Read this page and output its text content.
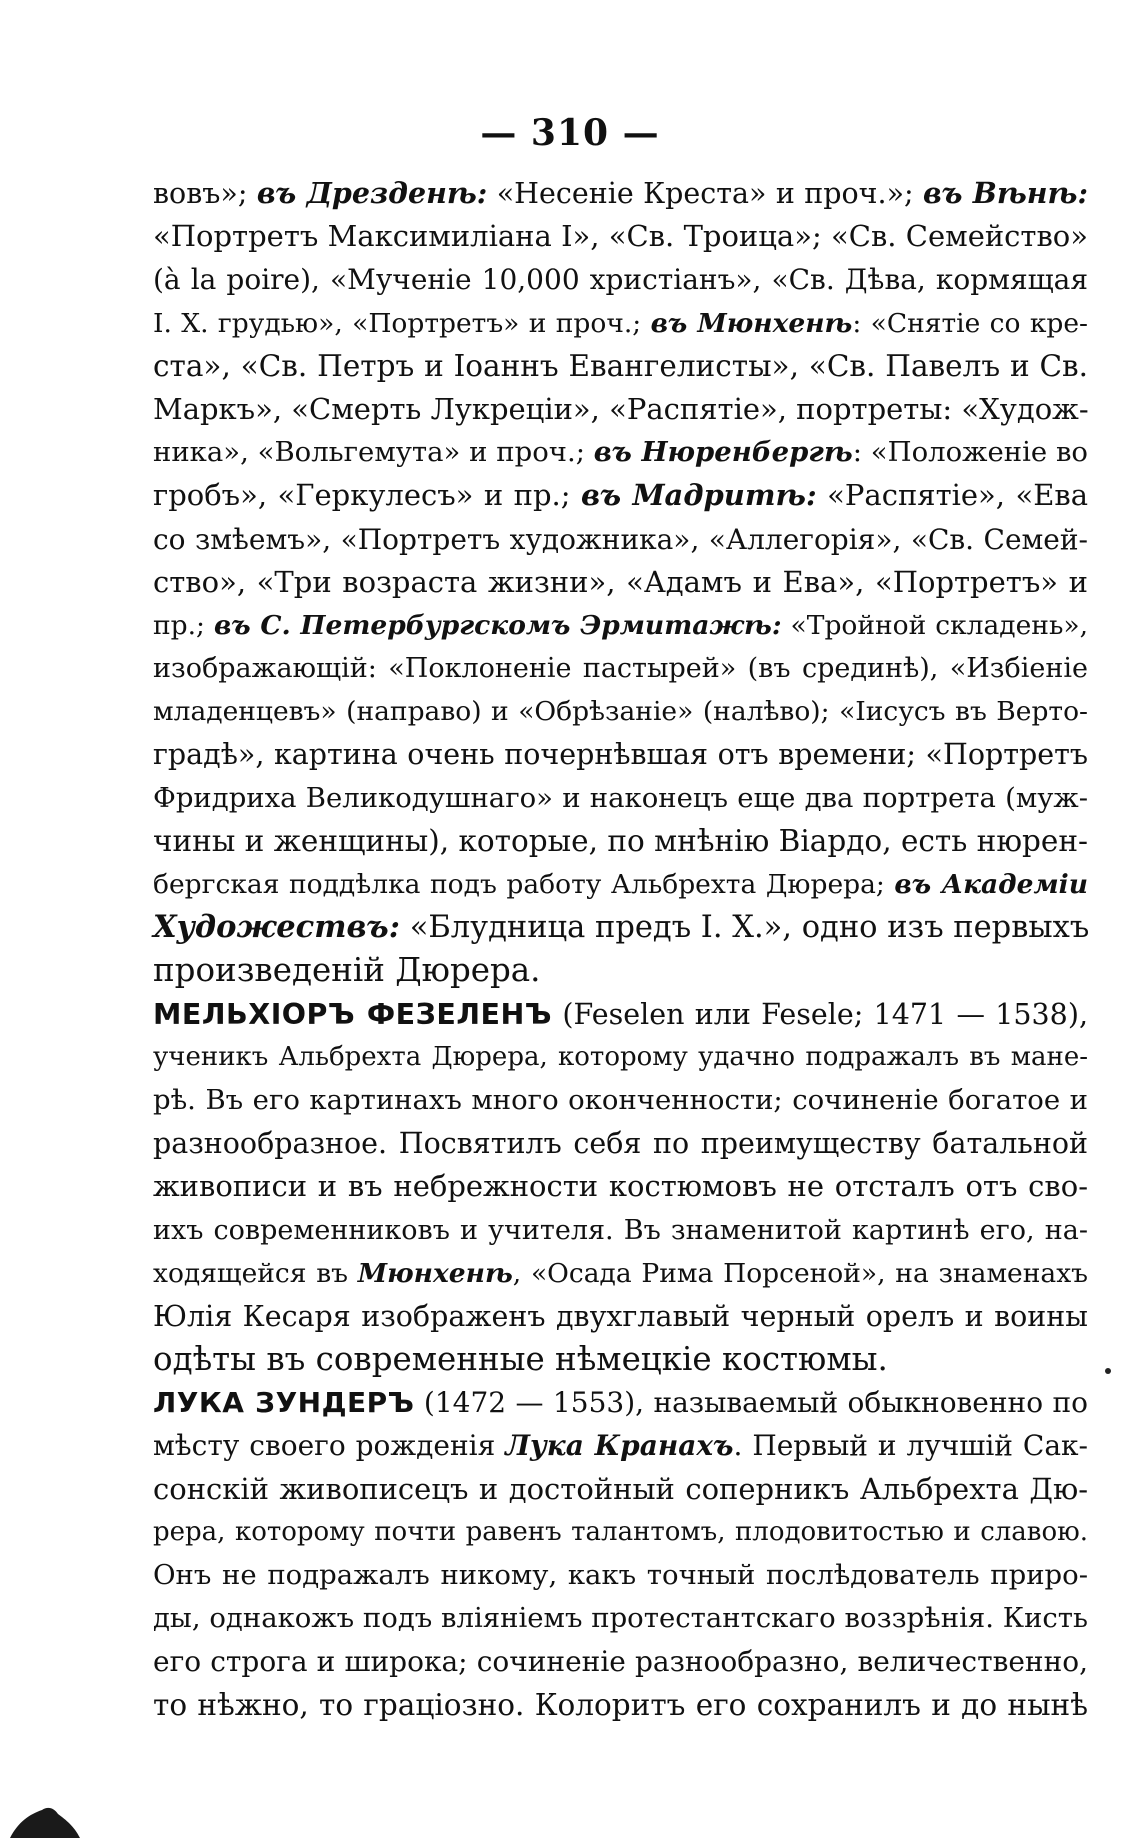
— 310 —
вовъ»; въ Дрезденѣ: «Несеніе Креста» и проч.»; въ Вѣнѣ:
«Портретъ Максимиліана I», «Св. Троица»; «Св. Семейство»
(à la poire), «Мученіе 10,000 христіанъ», «Св. Дѣва, кормящая
I. X. грудью», «Портретъ» и проч.; въ Мюнхенѣ: «Снятіе со кре-
ста», «Св. Петръ и Іоаннъ Евангелисты», «Св. Павелъ и Св.
Маркъ», «Смерть Лукреціи», «Распятіе», портреты: «Худож-
ника», «Вольгемута» и проч.; въ Нюренбергѣ: «Положеніе во
гробъ», «Геркулесъ» и пр.; въ Мадритѣ: «Распятіе», «Ева
со змѣемъ», «Портретъ художника», «Аллегорія», «Св. Семей-
ство», «Три возраста жизни», «Адамъ и Ева», «Портретъ» и
пр.; въ С. Петербургскомъ Эрмитажѣ: «Тройной складень»,
изображающій: «Поклоненіе пастырей» (въ срединѣ), «Избіеніе
младенцевъ» (направо) и «Обрѣзаніе» (налѣво); «Іисусъ въ Верто-
градѣ», картина очень почернѣвшая отъ времени; «Портретъ
Фридриха Великодушнаго» и наконецъ еще два портрета (муж-
чины и женщины), которые, по мнѣнію Віардо, есть нюрен-
бергская поддѣлка подъ работу Альбрехта Дюрера; въ Академіи
Художествъ: «Блудница предъ I. X.», одно изъ первыхъ
произведеній Дюрера.
МЕЛЬХІОРЪ ФЕЗЕЛЕНЪ (Feselen или Fesele; 1471 — 1538),
ученикъ Альбрехта Дюрера, которому удачно подражалъ въ мане-
рѣ. Въ его картинахъ много оконченности; сочиненіе богатое и
разнообразное. Посвятилъ себя по преимуществу батальной
живописи и въ небрежности костюмовъ не отсталъ отъ сво-
ихъ современниковъ и учителя. Въ знаменитой картинѣ его, на-
ходящейся въ Мюнхенѣ, «Осада Рима Порсеной», на знаменахъ
Юлія Кесаря изображенъ двухглавый черный орелъ и воины
одѣты въ современные нѣмецкіе костюмы.
ЛУКА ЗУНДЕРЪ (1472 — 1553), называемый обыкновенно по
мѣсту своего рожденія Лука Кранахъ. Первый и лучшій Сак-
сонскій живописецъ и достойный соперникъ Альбрехта Дю-
рера, которому почти равенъ талантомъ, плодовитостью и славою.
Онъ не подражалъ никому, какъ точный послѣдователь приро-
ды, однакожъ подъ вліяніемъ протестантскаго воззрѣнія. Кисть
его строга и широка; сочиненіе разнообразно, величественно,
то нѣжно, то граціозно. Колоритъ его сохранилъ и до нынѣ
